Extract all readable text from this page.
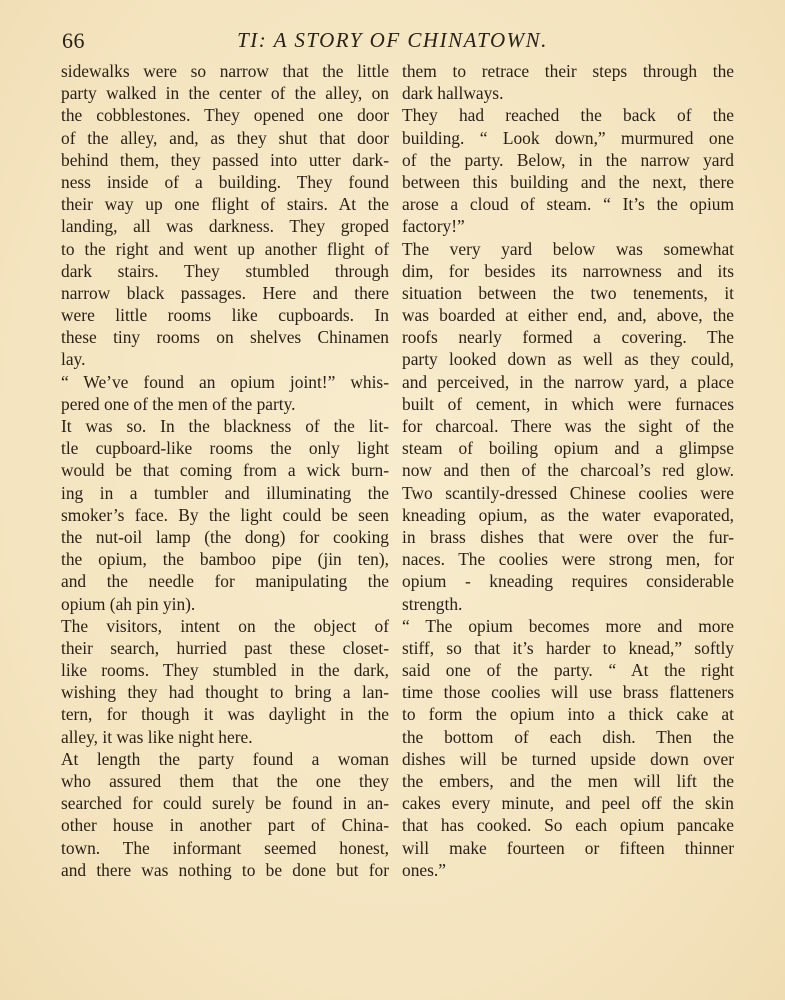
66	TI: A STORY OF CHINATOWN.
sidewalks were so narrow that the little
party walked in the center of the alley, on
the cobblestones. They opened one door
of the alley, and, as they shut that door
behind them, they passed into utter dark-
ness inside of a building. They found
their way up one flight of stairs. At the
landing, all was darkness. They groped
to the right and went up another flight of
dark stairs. They stumbled through
narrow black passages. Here and there
were little rooms like cupboards. In
these tiny rooms on shelves Chinamen
lay.
“ We’ve found an opium joint!” whis-
pered one of the men of the party.
It was so. In the blackness of the lit-
tle cupboard-like rooms the only light
would be that coming from a wick burn-
ing in a tumbler and illuminating the
smoker’s face. By the light could be seen
the nut-oil lamp (the dong) for cooking
the opium, the bamboo pipe (jin ten),
and the needle for manipulating the
opium (ah pin yin).
The visitors, intent on the object of
their search, hurried past these closet-
like rooms. They stumbled in the dark,
wishing they had thought to bring a lan-
tern, for though it was daylight in the
alley, it was like night here.
At length the party found a woman
who assured them that the one they
searched for could surely be found in an-
other house in another part of China-
town. The informant seemed honest,
and there was nothing to be done but for
them to retrace their steps through the
dark hallways.
They had reached the back of the
building. “ Look down,” murmured one
of the party. Below, in the narrow yard
between this building and the next, there
arose a cloud of steam. “ It’s the opium
factory!”
The very yard below was somewhat
dim, for besides its narrowness and its
situation between the two tenements, it
was boarded at either end, and, above, the
roofs nearly formed a covering. The
party looked down as well as they could,
and perceived, in the narrow yard, a place
built of cement, in which were furnaces
for charcoal. There was the sight of the
steam of boiling opium and a glimpse
now and then of the charcoal’s red glow.
Two scantily-dressed Chinese coolies were
kneading opium, as the water evaporated,
in brass dishes that were over the fur-
naces. The coolies were strong men, for
opium - kneading requires considerable
strength.
“ The opium becomes more and more
stiff, so that it’s harder to knead,” softly
said one of the party. “ At the right
time those coolies will use brass flatteners
to form the opium into a thick cake at
the bottom of each dish. Then the
dishes will be turned upside down over
the embers, and the men will lift the
cakes every minute, and peel off the skin
that has cooked. So each opium pancake
will make fourteen or fifteen thinner
ones.”
